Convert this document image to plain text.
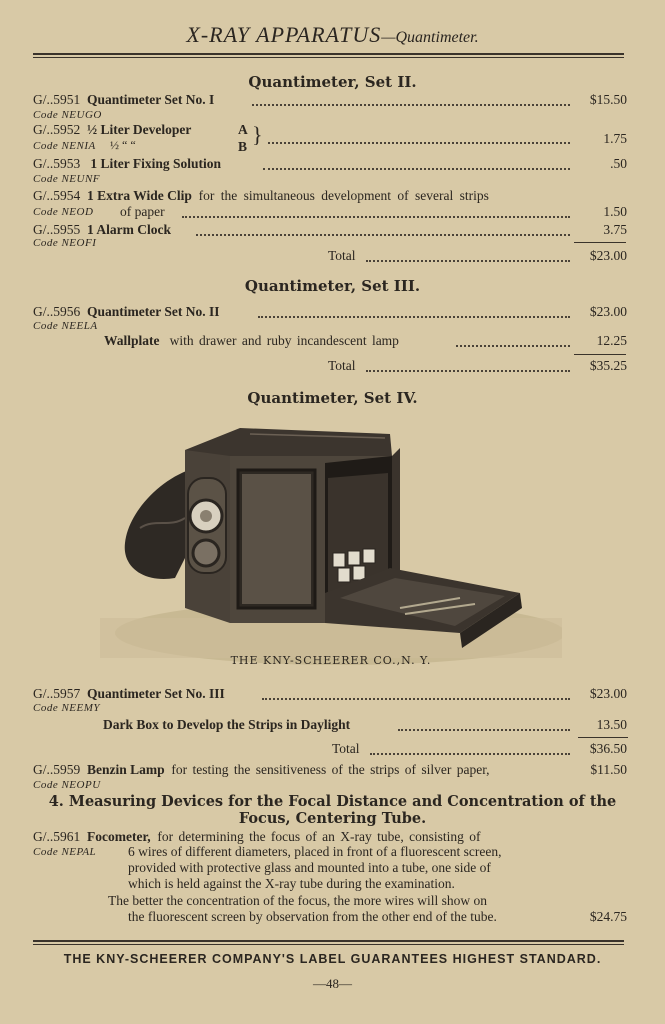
X-RAY APPARATUS—Quantimeter.
Quantimeter, Set II.
G/..5951 Quantimeter Set No. I	$15.50
Code NEUGO
G/..5952 ½ Liter Developer	A
B }
Code NENIA ½ “ “	1.75
G/..5953 1 Liter Fixing Solution	.50
Code NEUNF
G/..5954 1 Extra Wide Clip for the simultaneous development of several strips
Code NEOD of paper	1.50
G/..5955 1 Alarm Clock	3.75
Code NEOFI
Total	$23.00
Quantimeter, Set III.
G/..5956 Quantimeter Set No. II	$23.00
Code NEELA
Wallplate with drawer and ruby incandescent lamp	12.25
Total	$35.25
Quantimeter, Set IV.
THE KNY-SCHEERER CO.,N. Y.
G/..5957 Quantimeter Set No. III	$23.00
Code NEEMY
Dark Box to Develop the Strips in Daylight	13.50
Total	$36.50
G/..5959 Benzin Lamp for testing the sensitiveness of the strips of silver paper,	$11.50
Code NEOPU
4. Measuring Devices for the Focal Distance and Concentration of the
Focus, Centering Tube.
G/..5961 Focometer, for determining the focus of an X-ray tube, consisting of
Code NEPAL 6 wires of different diameters, placed in front of a fluorescent screen,
provided with protective glass and mounted into a tube, one side of
which is held against the X-ray tube during the examination.
The better the concentration of the focus, the more wires will show on
the fluorescent screen by observation from the other end of the tube.	$24.75
THE KNY-SCHEERER COMPANY'S LABEL GUARANTEES HIGHEST STANDARD.
—48—
